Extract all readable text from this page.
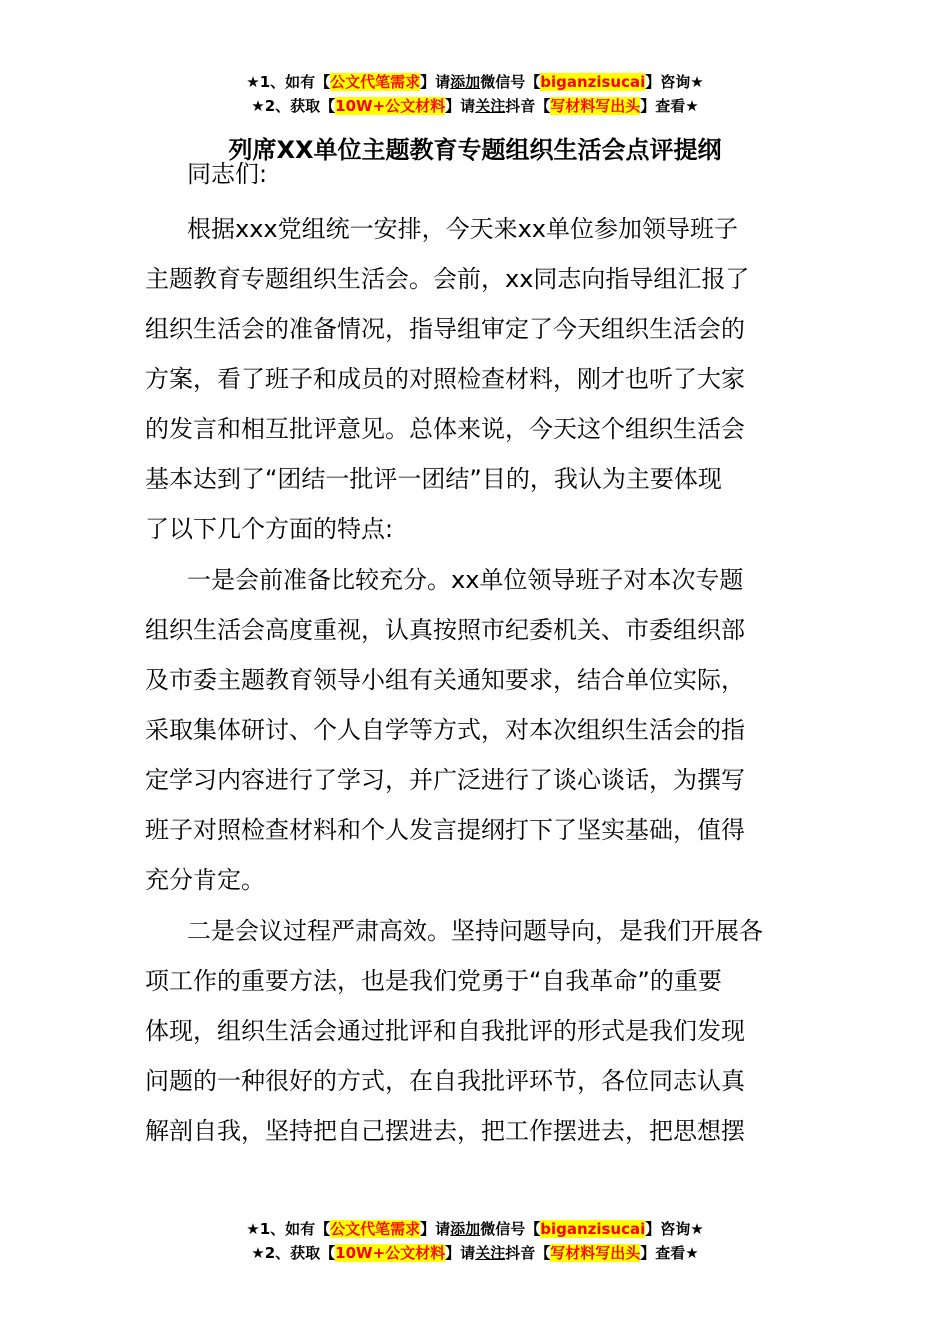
★1、如有【公文代笔需求】请添加微信号【biganzisucai】咨询★
★2、获取【10W+公文材料】请关注抖音【写材料写出头】查看★
列席XX单位主题教育专题组织生活会点评提纲

同志们:

根据xxx党组统一安排，今天来xx单位参加领导班子

主题教育专题组织生活会。会前，xx同志向指导组汇报了

组织生活会的准备情况，指导组审定了今天组织生活会的

方案，看了班子和成员的对照检查材料，刚才也听了大家

的发言和相互批评意见。总体来说，今天这个组织生活会

基本达到了“团结一批评一团结”目的，我认为主要体现

了以下几个方面的特点:

一是会前准备比较充分。xx单位领导班子对本次专题

组织生活会高度重视，认真按照市纪委机关、市委组织部

及市委主题教育领导小组有关通知要求，结合单位实际，

采取集体研讨、个人自学等方式，对本次组织生活会的指

定学习内容进行了学习，并广泛进行了谈心谈话，为撰写

班子对照检查材料和个人发言提纲打下了坚实基础，值得

充分肯定。

二是会议过程严肃高效。坚持问题导向，是我们开展各

项工作的重要方法，也是我们党勇于“自我革命”的重要

体现，组织生活会通过批评和自我批评的形式是我们发现

问题的一种很好的方式，在自我批评环节，各位同志认真

解剖自我，坚持把自己摆进去，把工作摆进去，把思想摆

★1、如有【公文代笔需求】请添加微信号【biganzisucai】咨询★
★2、获取【10W+公文材料】请关注抖音【写材料写出头】查看★
